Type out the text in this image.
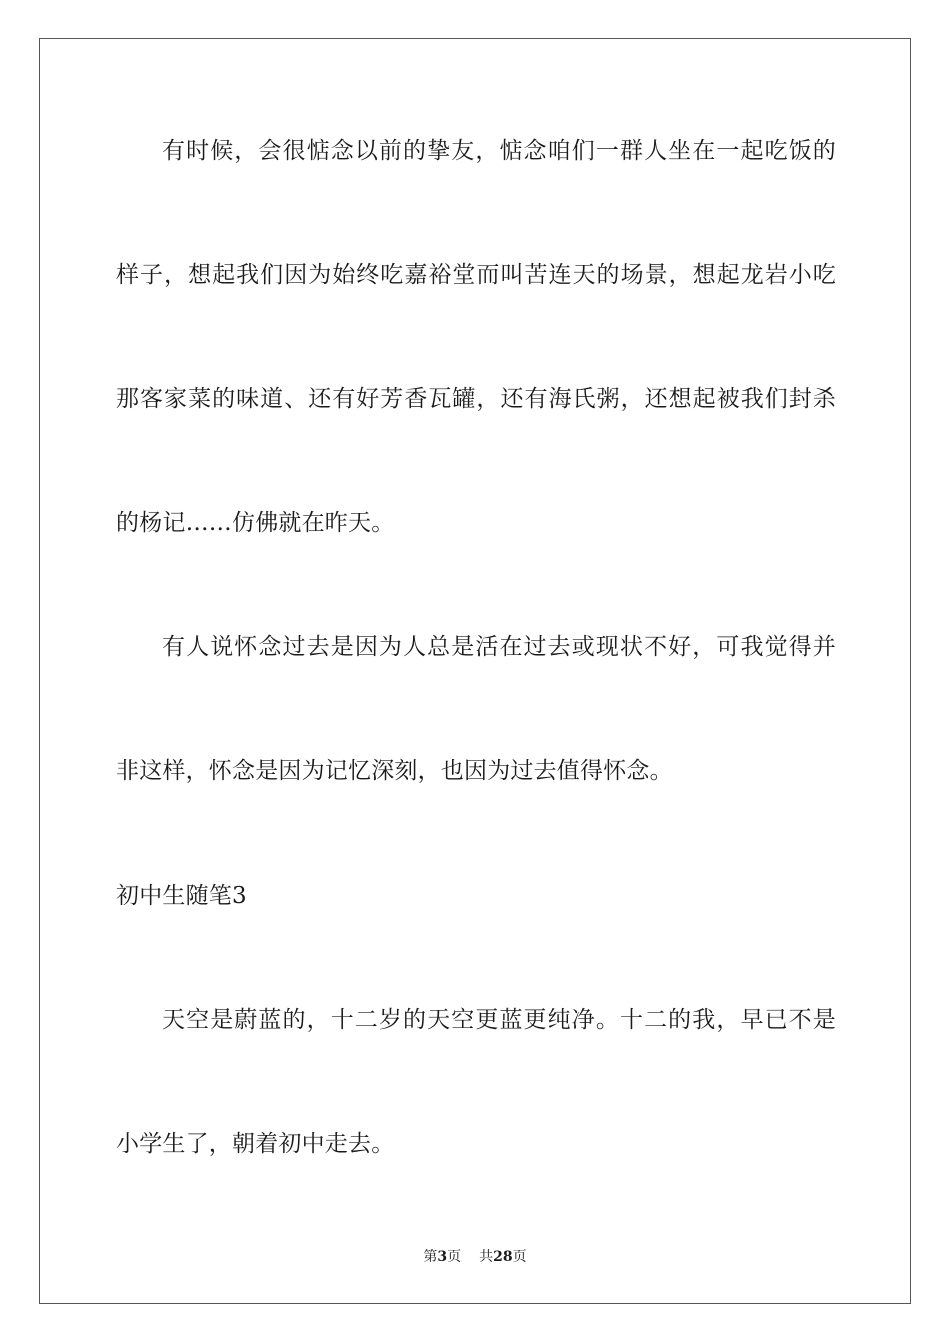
有时候，会很惦念以前的挚友，惦念咱们一群人坐在一起吃饭的
样子，想起我们因为始终吃嘉裕堂而叫苦连天的场景，想起龙岩小吃
那客家菜的味道、还有好芳香瓦罐，还有海氏粥，还想起被我们封杀
的杨记……仿佛就在昨天。
有人说怀念过去是因为人总是活在过去或现状不好，可我觉得并
非这样，怀念是因为记忆深刻，也因为过去值得怀念。
初中生随笔3
天空是蔚蓝的，十二岁的天空更蓝更纯净。十二的我，早已不是
小学生了，朝着初中走去。
第3页 共28页
